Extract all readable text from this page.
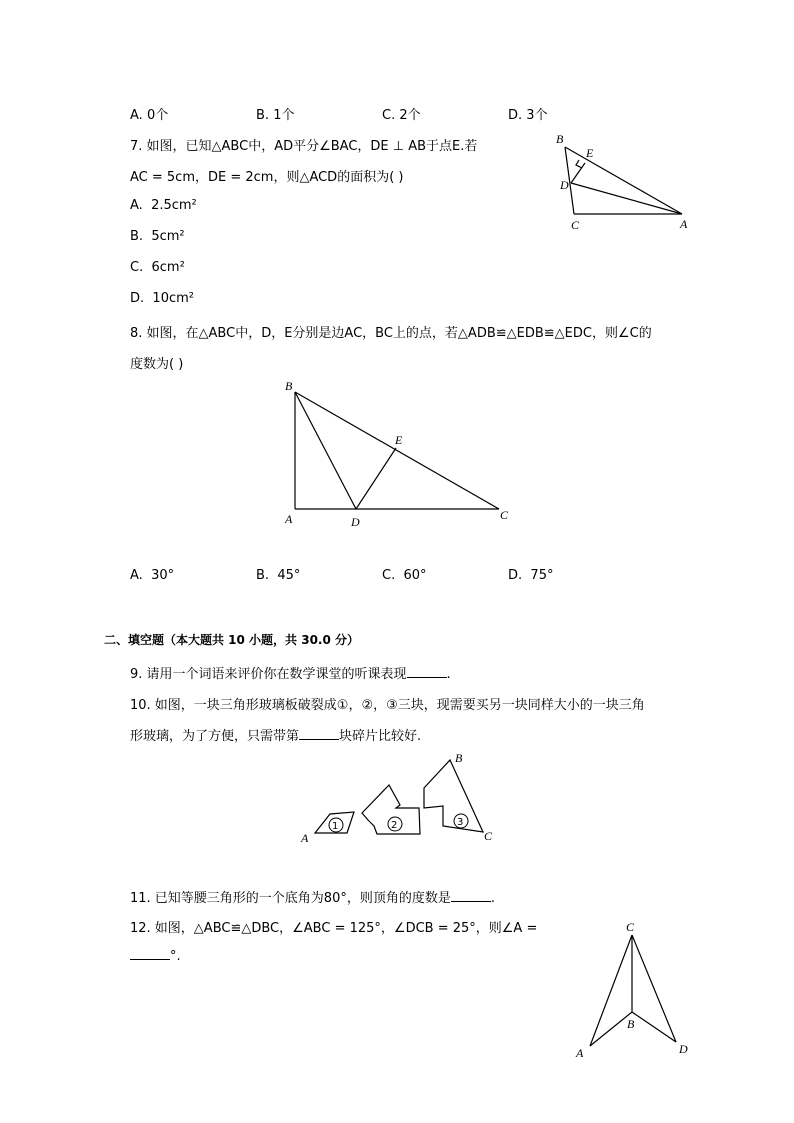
A. 0个	B. 1个	C. 2个	D. 3个
7. 如图，已知△ABC中，AD平分∠BAC，DE ⊥ AB于点E.若
AC = 5cm，DE = 2cm，则△ACD的面积为( )
A. 2.5cm²
B. 5cm²
C. 6cm²
D. 10cm²
B
E
D
C	A
8. 如图，在△ABC中，D，E分别是边AC，BC上的点，若△ADB≌△EDB≌△EDC，则∠C的
度数为( )
B
E
A	D	C
A. 30°	B. 45°	C. 60°	D. 75°
二、填空题（本大题共 10 小题，共 30.0 分）
9. 请用一个词语来评价你在数学课堂的听课表现	.
10. 如图，一块三角形玻璃板破裂成①，②，③三块，现需要买另一块同样大小的一块三角
形玻璃，为了方便，只需带第	块碎片比较好.
1	2	3
A
B
C
11. 已知等腰三角形的一个底角为80°，则顶角的度数是	.
12. 如图，△ABC≌△DBC，∠ABC = 125°，∠DCB = 25°，则∠A =
°.
C
B
A	D
